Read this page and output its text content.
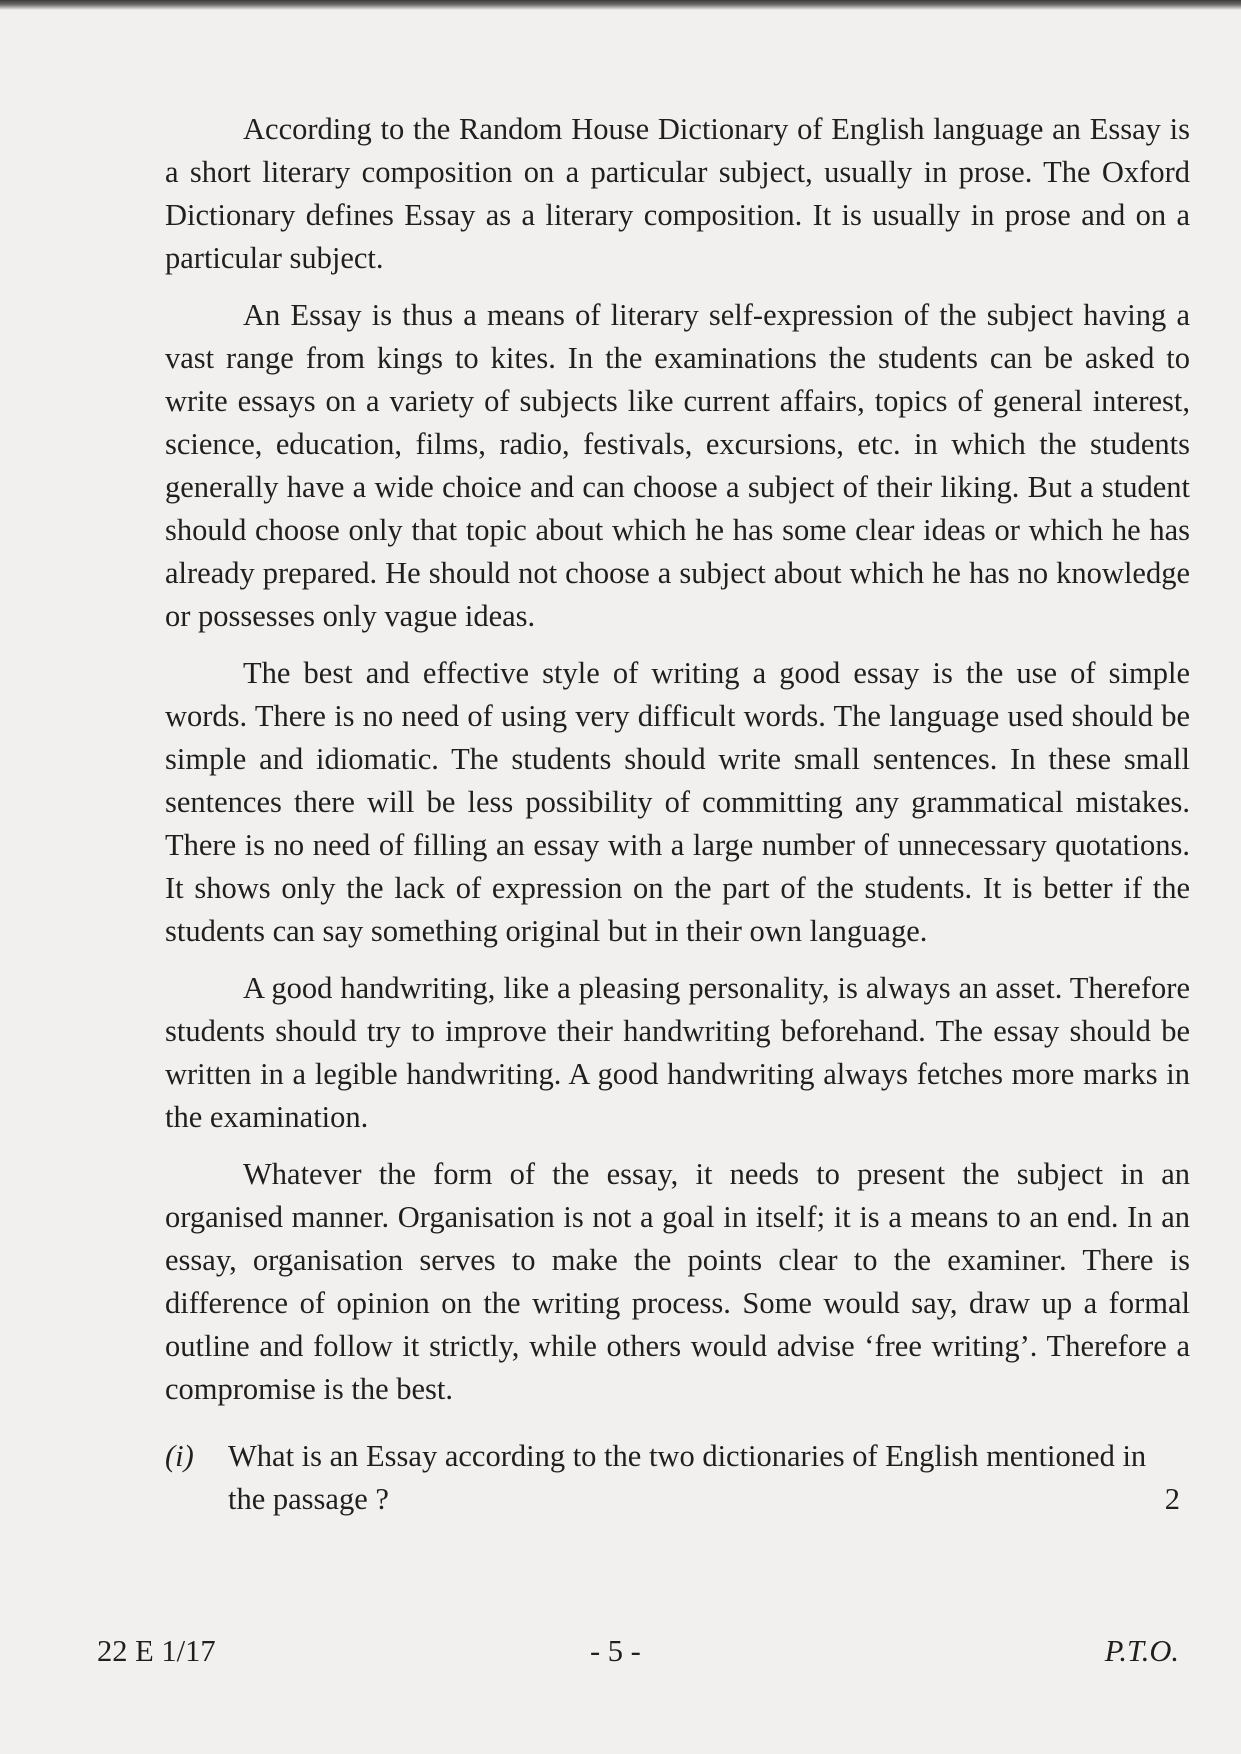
According to the Random House Dictionary of English language an Essay is a short literary composition on a particular subject, usually in prose. The Oxford Dictionary defines Essay as a literary composition. It is usually in prose and on a particular subject.

An Essay is thus a means of literary self-expression of the subject having a vast range from kings to kites. In the examinations the students can be asked to write essays on a variety of subjects like current affairs, topics of general interest, science, education, films, radio, festivals, excursions, etc. in which the students generally have a wide choice and can choose a subject of their liking. But a student should choose only that topic about which he has some clear ideas or which he has already prepared. He should not choose a subject about which he has no knowledge or possesses only vague ideas.

The best and effective style of writing a good essay is the use of simple words. There is no need of using very difficult words. The language used should be simple and idiomatic. The students should write small sentences. In these small sentences there will be less possibility of committing any grammatical mistakes. There is no need of filling an essay with a large number of unnecessary quotations. It shows only the lack of expression on the part of the students. It is better if the students can say something original but in their own language.

A good handwriting, like a pleasing personality, is always an asset. Therefore students should try to improve their handwriting beforehand. The essay should be written in a legible handwriting. A good handwriting always fetches more marks in the examination.

Whatever the form of the essay, it needs to present the subject in an organised manner. Organisation is not a goal in itself; it is a means to an end. In an essay, organisation serves to make the points clear to the examiner. There is difference of opinion on the writing process. Some would say, draw up a formal outline and follow it strictly, while others would advise ‘free writing’. Therefore a compromise is the best.

(i) What is an Essay according to the two dictionaries of English mentioned in the passage ?	2
22 E 1/17	- 5 -	P.T.O.
